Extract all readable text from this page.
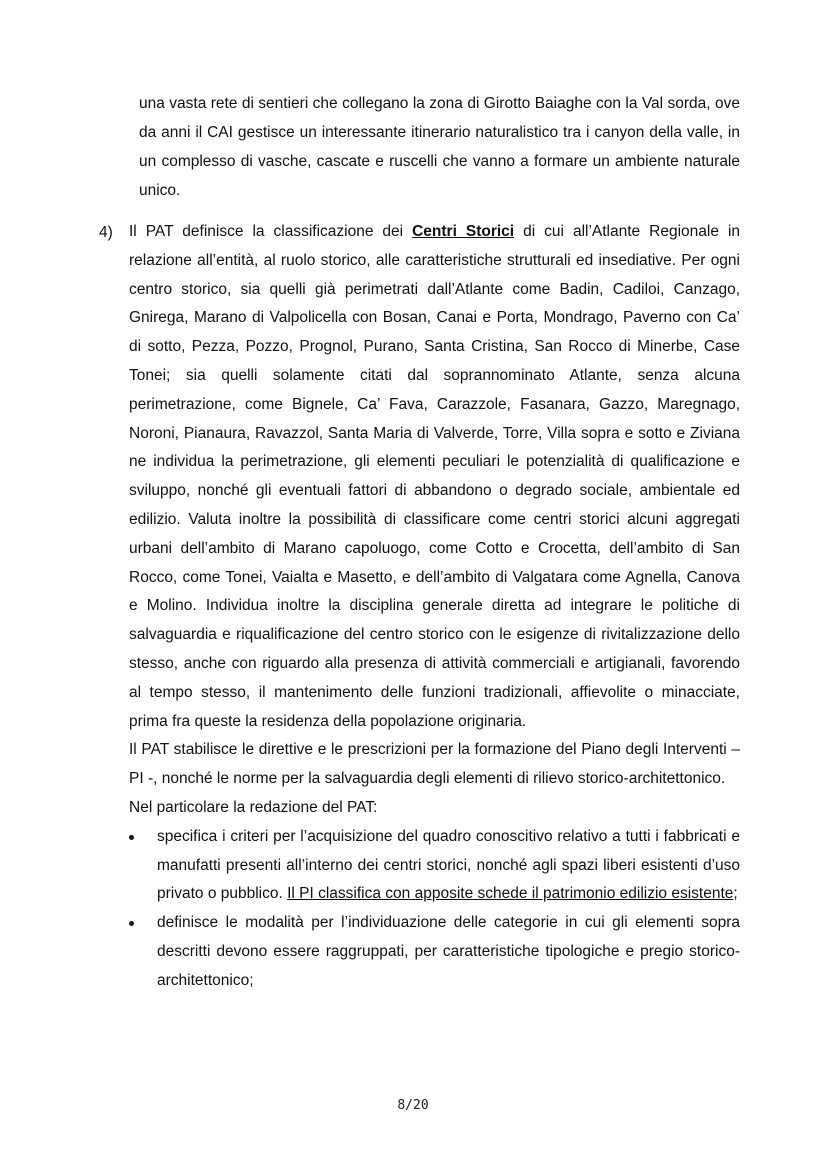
una vasta rete di sentieri che collegano la zona di Girotto Baiaghe con la Val sorda, ove da anni il CAI gestisce un interessante itinerario naturalistico tra i canyon della valle, in un complesso di vasche, cascate e ruscelli che vanno a formare un ambiente naturale unico.

4) Il PAT definisce la classificazione dei Centri Storici di cui all’Atlante Regionale in relazione all’entità, al ruolo storico, alle caratteristiche strutturali ed insediative. Per ogni centro storico, sia quelli già perimetrati dall’Atlante come Badin, Cadiloi, Canzago, Gnirega, Marano di Valpolicella con Bosan, Canai e Porta, Mondrago, Paverno con Ca’ di sotto, Pezza, Pozzo, Prognol, Purano, Santa Cristina, San Rocco di Minerbe, Case Tonei; sia quelli solamente citati dal soprannominato Atlante, senza alcuna perimetrazione, come Bignele, Ca’ Fava, Carazzole, Fasanara, Gazzo, Maregnago, Noroni, Pianaura, Ravazzol, Santa Maria di Valverde, Torre, Villa sopra e sotto e Ziviana ne individua la perimetrazione, gli elementi peculiari le potenzialità di qualificazione e sviluppo, nonché gli eventuali fattori di abbandono o degrado sociale, ambientale ed edilizio. Valuta inoltre la possibilità di classificare come centri storici alcuni aggregati urbani dell’ambito di Marano capoluogo, come Cotto e Crocetta, dell’ambito di San Rocco, come Tonei, Vaialta e Masetto, e dell’ambito di Valgatara come Agnella, Canova e Molino. Individua inoltre la disciplina generale diretta ad integrare le politiche di salvaguardia e riqualificazione del centro storico con le esigenze di rivitalizzazione dello stesso, anche con riguardo alla presenza di attività commerciali e artigianali, favorendo al tempo stesso, il mantenimento delle funzioni tradizionali, affievolite o minacciate, prima fra queste la residenza della popolazione originaria.

Il PAT stabilisce le direttive e le prescrizioni per la formazione del Piano degli Interventi – PI -, nonché le norme per la salvaguardia degli elementi di rilievo storico-architettonico.

Nel particolare la redazione del PAT:

specifica i criteri per l’acquisizione del quadro conoscitivo relativo a tutti i fabbricati e manufatti presenti all’interno dei centri storici, nonché agli spazi liberi esistenti d’uso privato o pubblico. Il PI classifica con apposite schede il patrimonio edilizio esistente;
definisce le modalità per l’individuazione delle categorie in cui gli elementi sopra descritti devono essere raggruppati, per caratteristiche tipologiche e pregio storico-architettonico;
8/20
